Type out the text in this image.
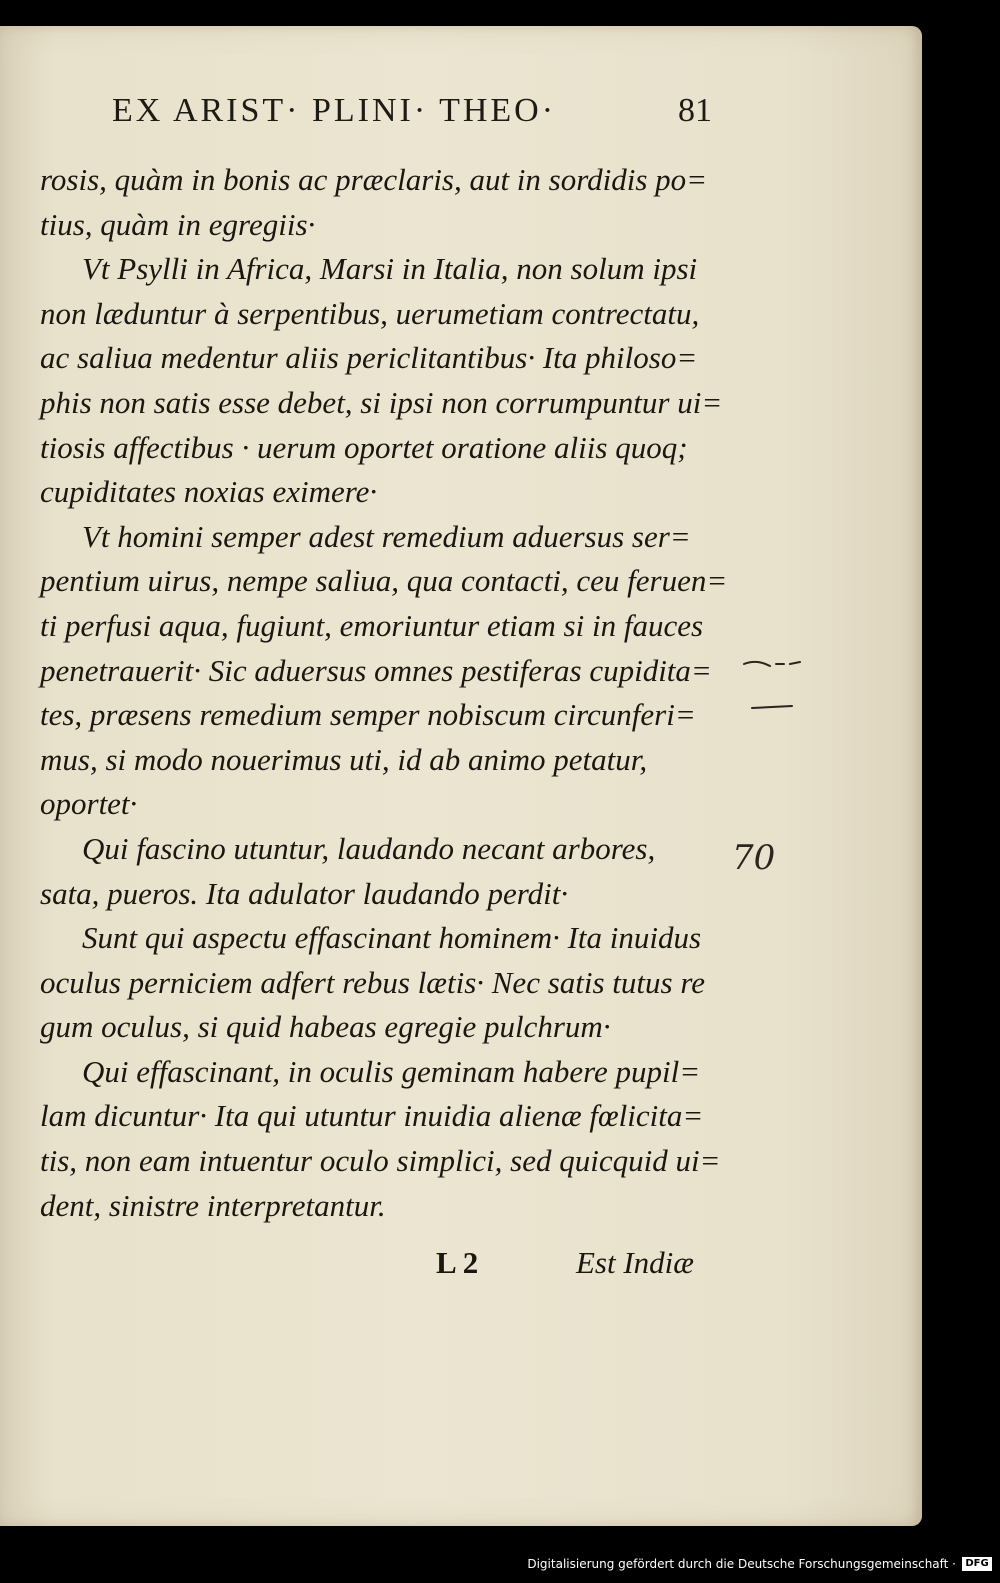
EX ARIST· PLINI· THEO·	81
rosis, quàm in bonis ac præclaris, aut in sordidis po=
tius, quàm in egregiis·
Vt Psylli in Africa, Marsi in Italia, non solum ipsi
non læduntur à serpentibus, uerumetiam contrectatu,
ac saliua medentur aliis periclitantibus· Ita philoso=
phis non satis esse debet, si ipsi non corrumpuntur ui=
tiosis affectibus · uerum oportet oratione aliis quoq;
cupiditates noxias eximere·
Vt homini semper adest remedium aduersus ser=
pentium uirus, nempe saliua, qua contacti, ceu feruen=
ti perfusi aqua, fugiunt, emoriuntur etiam si in fauces
penetrauerit· Sic aduersus omnes pestiferas cupidita=
tes, præsens remedium semper nobiscum circunferi=
mus, si modo nouerimus uti, id ab animo petatur,
oportet·
Qui fascino utuntur, laudando necant arbores,
sata, pueros. Ita adulator laudando perdit·
Sunt qui aspectu effascinant hominem· Ita inuidus
oculus perniciem adfert rebus lætis· Nec satis tutus re
gum oculus, si quid habeas egregie pulchrum·
Qui effascinant, in oculis geminam habere pupil=
lam dicuntur· Ita qui utuntur inuidia alienæ fœlicita=
tis, non eam intuentur oculo simplici, sed quicquid ui=
dent, sinistre interpretantur.
L 2	Est Indiæ
70
Digitalisierung gefördert durch die Deutsche Forschungsgemeinschaft · DFG
